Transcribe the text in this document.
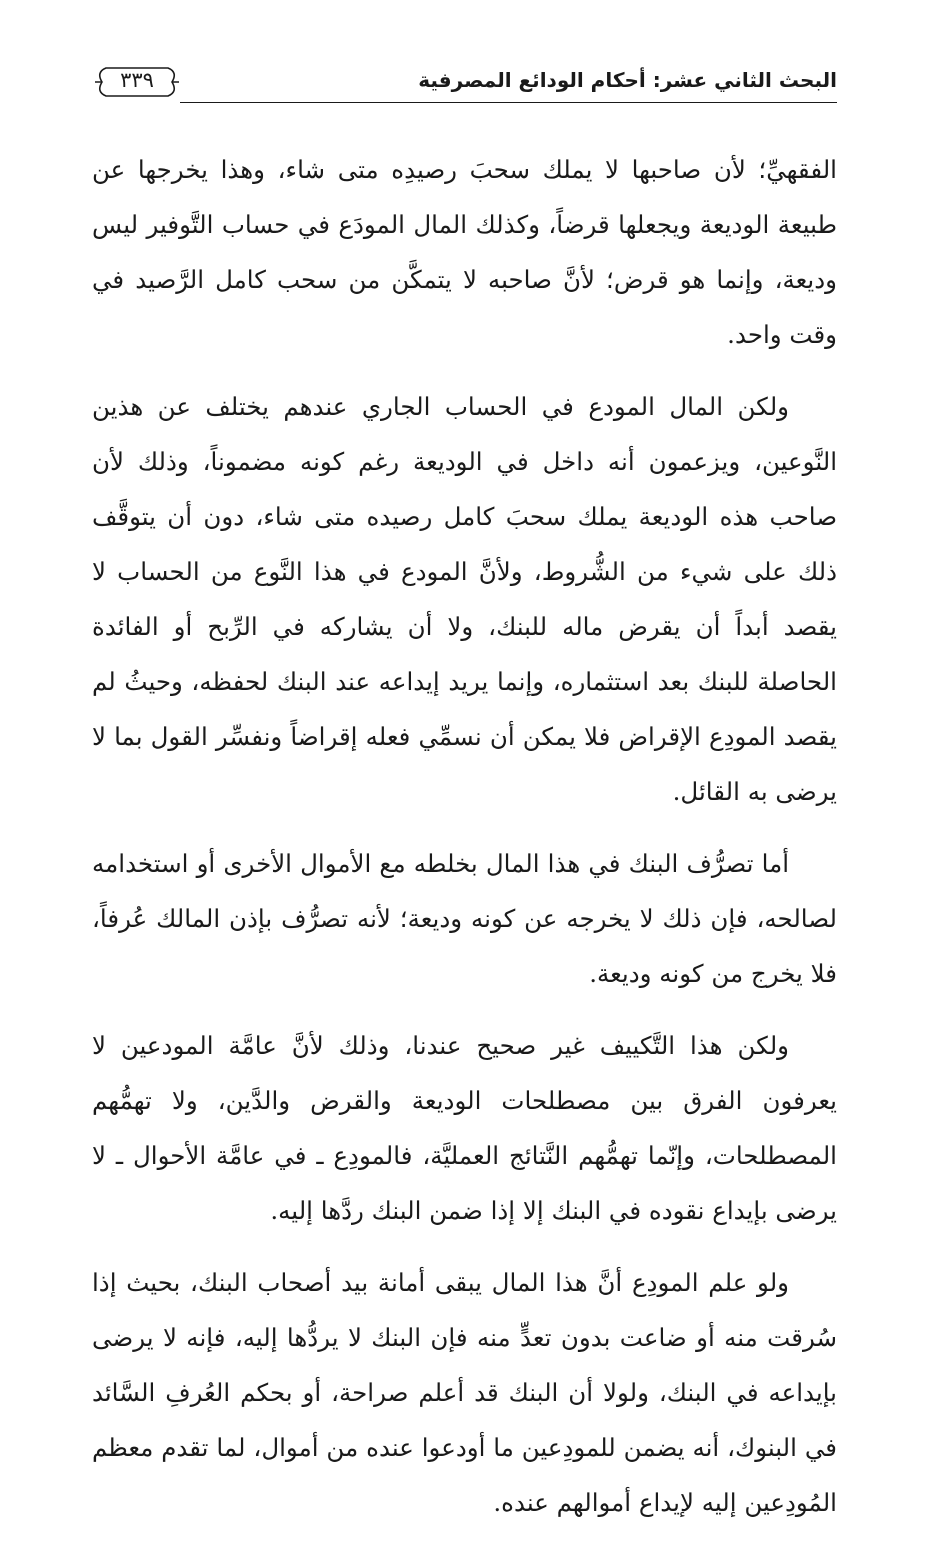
٣٣٩	البحث الثاني عشر: أحكام الودائع المصرفية

الفقهيِّ؛ لأن صاحبها لا يملك سحبَ رصيدِه متى شاء، وهذا يخرجها عن طبيعة الوديعة ويجعلها قرضاً، وكذلك المال المودَع في حساب التَّوفير ليس وديعة، وإنما هو قرض؛ لأنَّ صاحبه لا يتمكَّن من سحب كامل الرَّصيد في وقت واحد.

ولكن المال المودع في الحساب الجاري عندهم يختلف عن هذين النَّوعين، ويزعمون أنه داخل في الوديعة رغم كونه مضموناً، وذلك لأن صاحب هذه الوديعة يملك سحبَ كامل رصيده متى شاء، دون أن يتوقَّف ذلك على شيء من الشُّروط، ولأنَّ المودع في هذا النَّوع من الحساب لا يقصد أبداً أن يقرض ماله للبنك، ولا أن يشاركه في الرِّبح أو الفائدة الحاصلة للبنك بعد استثماره، وإنما يريد إيداعه عند البنك لحفظه، وحيثُ لم يقصد المودِع الإقراض فلا يمكن أن نسمِّي فعله إقراضاً ونفسِّر القول بما لا يرضى به القائل.

أما تصرُّف البنك في هذا المال بخلطه مع الأموال الأخرى أو استخدامه لصالحه، فإن ذلك لا يخرجه عن كونه وديعة؛ لأنه تصرُّف بإذن المالك عُرفاً، فلا يخرج من كونه وديعة.

ولكن هذا التَّكييف غير صحيح عندنا، وذلك لأنَّ عامَّة المودعين لا يعرفون الفرق بين مصطلحات الوديعة والقرض والدَّين، ولا تهمُّهم المصطلحات، وإنّما تهمُّهم النَّتائج العمليَّة، فالمودِع ـ في عامَّة الأحوال ـ لا يرضى بإيداع نقوده في البنك إلا إذا ضمن البنك ردَّها إليه.

ولو علم المودِع أنَّ هذا المال يبقى أمانة بيد أصحاب البنك، بحيث إذا سُرقت منه أو ضاعت بدون تعدٍّ منه فإن البنك لا يردُّها إليه، فإنه لا يرضى بإيداعه في البنك، ولولا أن البنك قد أعلم صراحة، أو بحكم العُرفِ السَّائد في البنوك، أنه يضمن للمودِعين ما أودعوا عنده من أموال، لما تقدم معظم المُودِعين إليه لإيداع أموالهم عنده.
